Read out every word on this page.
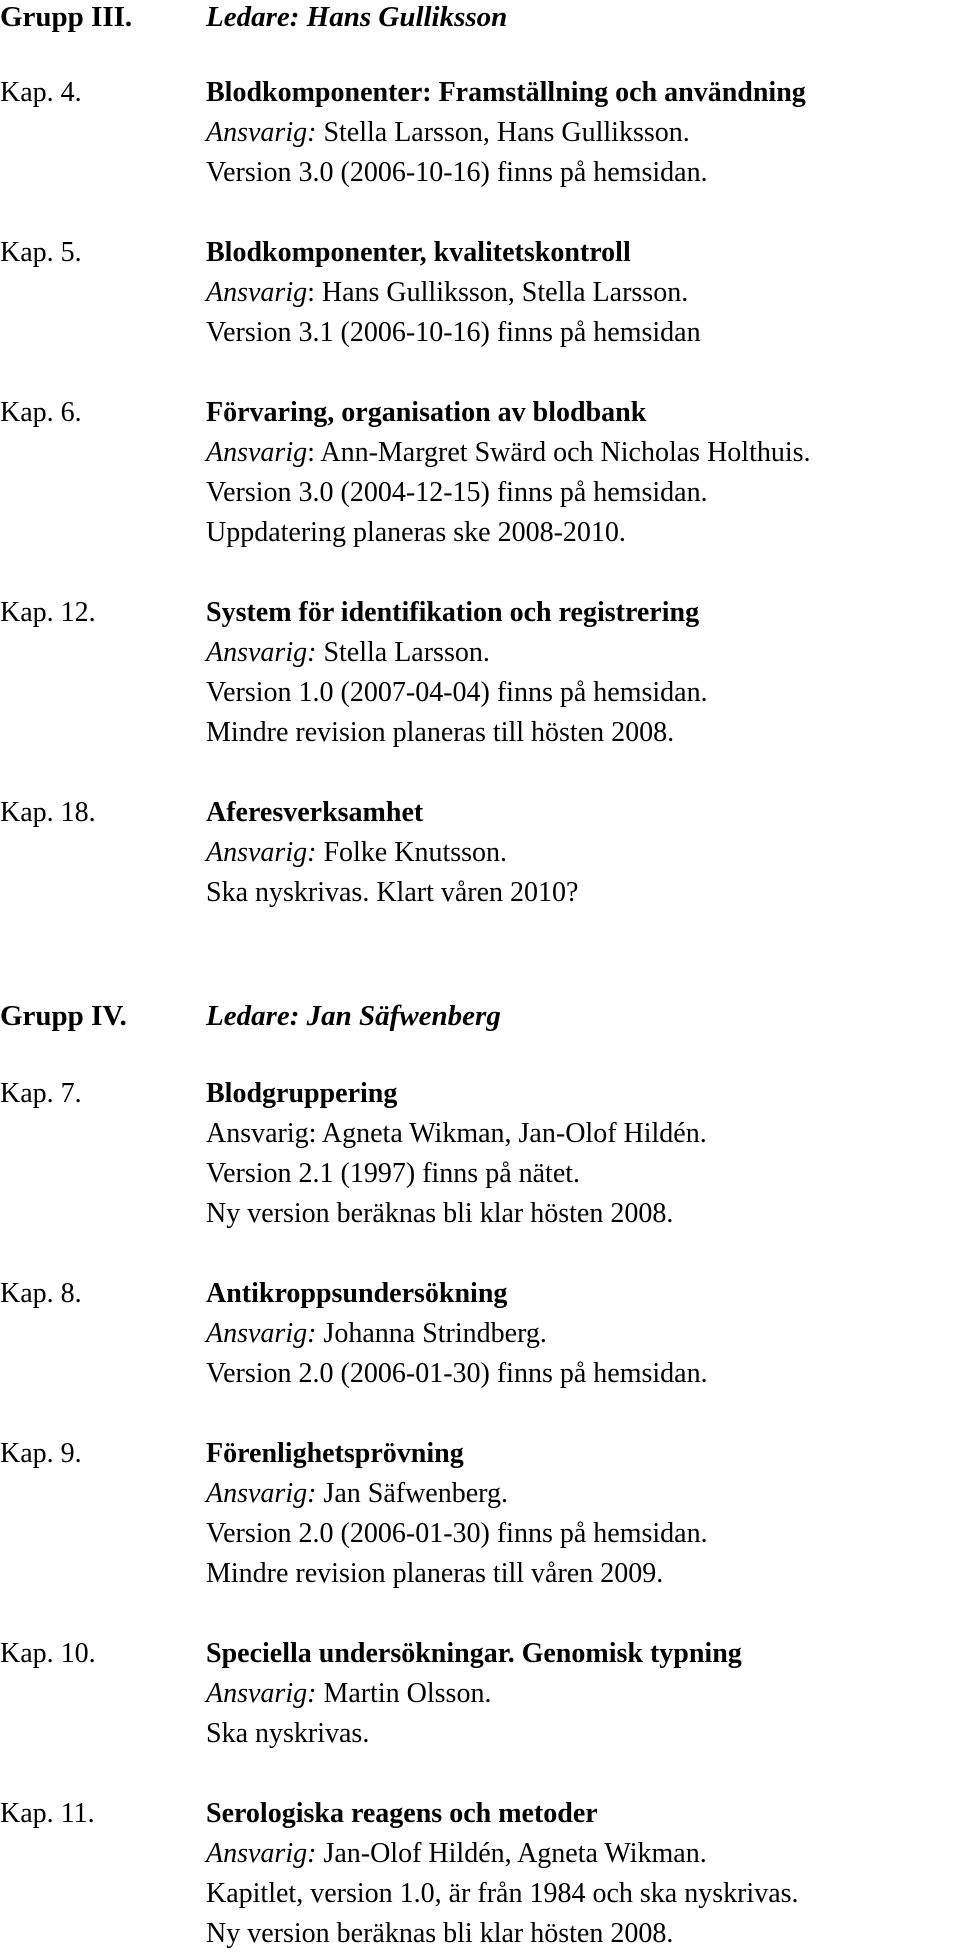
Grupp III.	Ledare: Hans Gulliksson
Kap. 4.	Blodkomponenter: Framställning och användning
Ansvarig: Stella Larsson, Hans Gulliksson.
Version 3.0 (2006-10-16) finns på hemsidan.
Kap. 5.	Blodkomponenter, kvalitetskontroll
Ansvarig: Hans Gulliksson, Stella Larsson.
Version 3.1 (2006-10-16) finns på hemsidan
Kap. 6.	Förvaring, organisation av blodbank
Ansvarig: Ann-Margret Swärd och Nicholas Holthuis.
Version 3.0 (2004-12-15) finns på hemsidan.
Uppdatering planeras ske 2008-2010.
Kap. 12.	System för identifikation och registrering
Ansvarig: Stella Larsson.
Version 1.0 (2007-04-04) finns på hemsidan.
Mindre revision planeras till hösten 2008.
Kap. 18.	Aferesverksamhet
Ansvarig: Folke Knutsson.
Ska nyskrivas. Klart våren 2010?
Grupp IV.	Ledare: Jan Säfwenberg
Kap. 7.	Blodgruppering
Ansvarig: Agneta Wikman, Jan-Olof Hildén.
Version 2.1 (1997) finns på nätet.
Ny version beräknas bli klar hösten 2008.
Kap. 8.	Antikroppsundersökning
Ansvarig: Johanna Strindberg.
Version 2.0 (2006-01-30) finns på hemsidan.
Kap. 9.	Förenlighetsprövning
Ansvarig: Jan Säfwenberg.
Version 2.0 (2006-01-30) finns på hemsidan.
Mindre revision planeras till våren 2009.
Kap. 10.	Speciella undersökningar. Genomisk typning
Ansvarig: Martin Olsson.
Ska nyskrivas.
Kap. 11.	Serologiska reagens och metoder
Ansvarig: Jan-Olof Hildén, Agneta Wikman.
Kapitlet, version 1.0, är från 1984 och ska nyskrivas.
Ny version beräknas bli klar hösten 2008.
